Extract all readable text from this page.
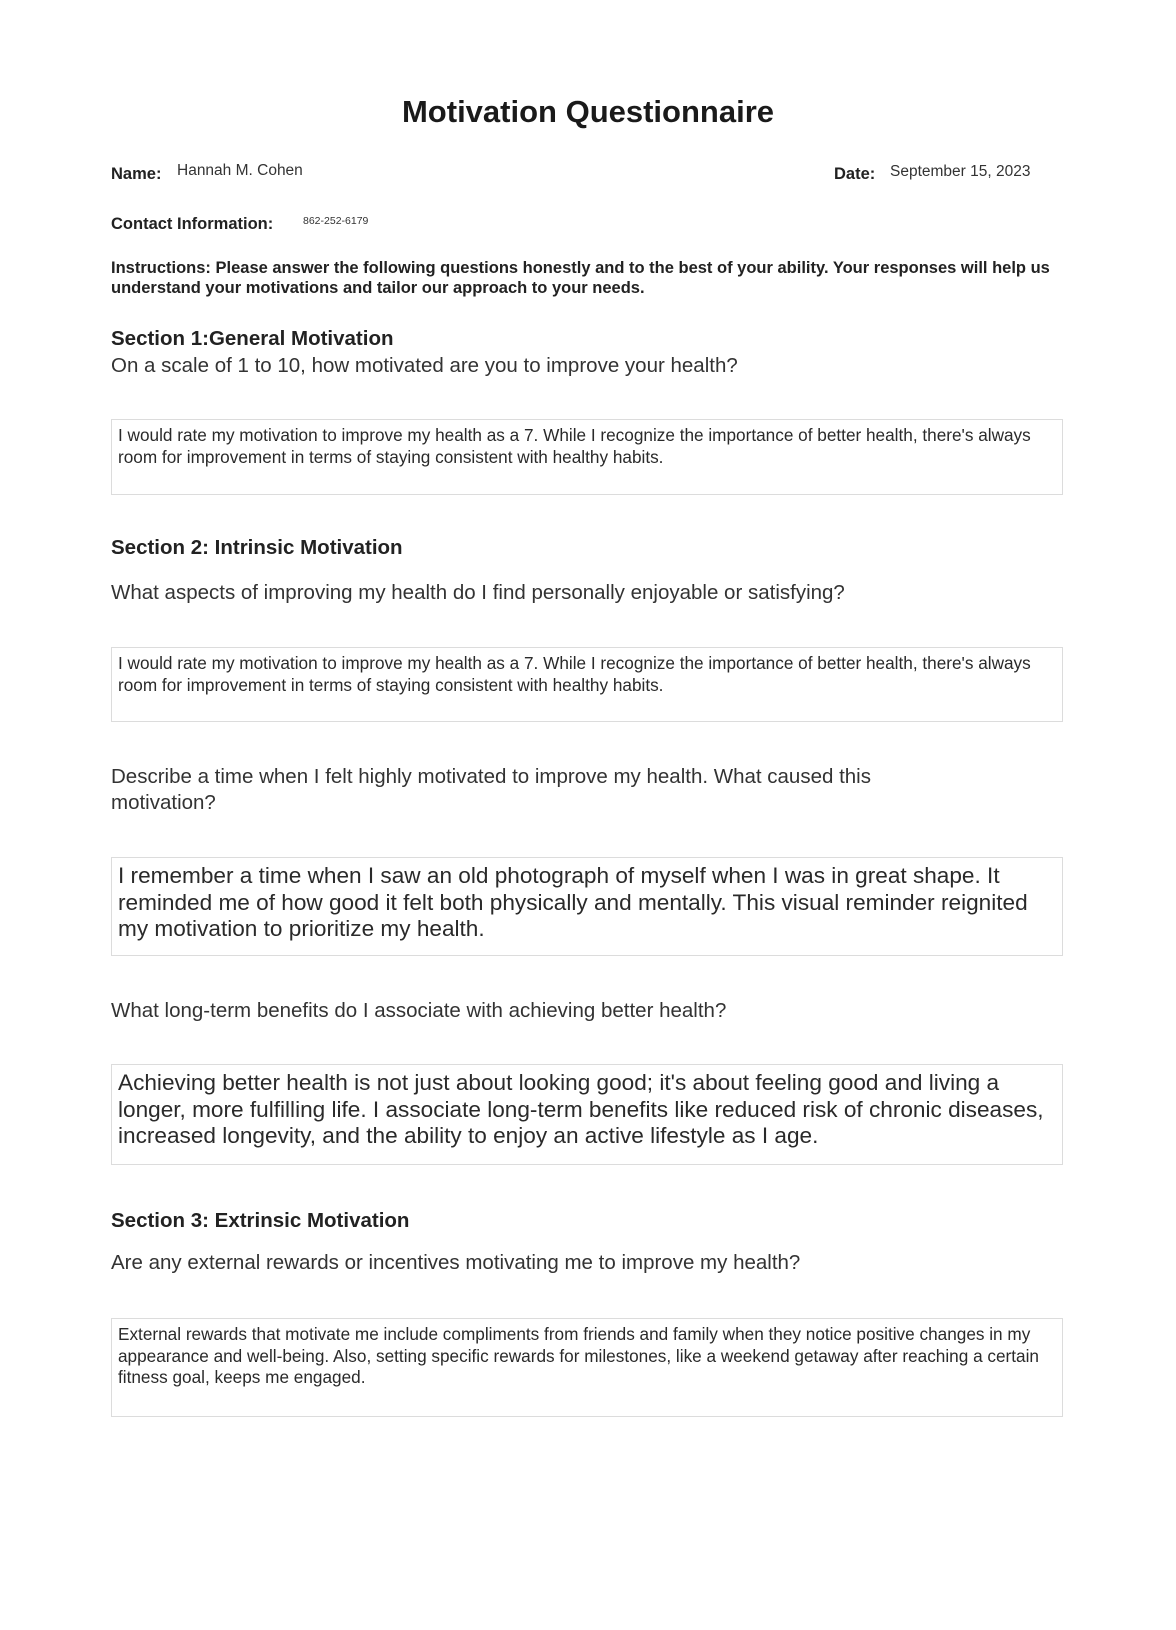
Motivation Questionnaire
Name: Hannah M. Cohen	Date: September 15, 2023
Contact Information:	862-252-6179
Instructions: Please answer the following questions honestly and to the best of your ability. Your responses will help us understand your motivations and tailor our approach to your needs.
Section 1:General Motivation
On a scale of 1 to 10, how motivated are you to improve your health?
I would rate my motivation to improve my health as a 7. While I recognize the importance of better health, there's always room for improvement in terms of staying consistent with healthy habits.
Section 2: Intrinsic Motivation
What aspects of improving my health do I find personally enjoyable or satisfying?
I would rate my motivation to improve my health as a 7. While I recognize the importance of better health, there's always room for improvement in terms of staying consistent with healthy habits.
Describe a time when I felt highly motivated to improve my health. What caused this motivation?
I remember a time when I saw an old photograph of myself when I was in great shape. It reminded me of how good it felt both physically and mentally. This visual reminder reignited my motivation to prioritize my health.
What long-term benefits do I associate with achieving better health?
Achieving better health is not just about looking good; it's about feeling good and living a longer, more fulfilling life. I associate long-term benefits like reduced risk of chronic diseases, increased longevity, and the ability to enjoy an active lifestyle as I age.
Section 3: Extrinsic Motivation
Are any external rewards or incentives motivating me to improve my health?
External rewards that motivate me include compliments from friends and family when they notice positive changes in my appearance and well-being. Also, setting specific rewards for milestones, like a weekend getaway after reaching a certain fitness goal, keeps me engaged.
